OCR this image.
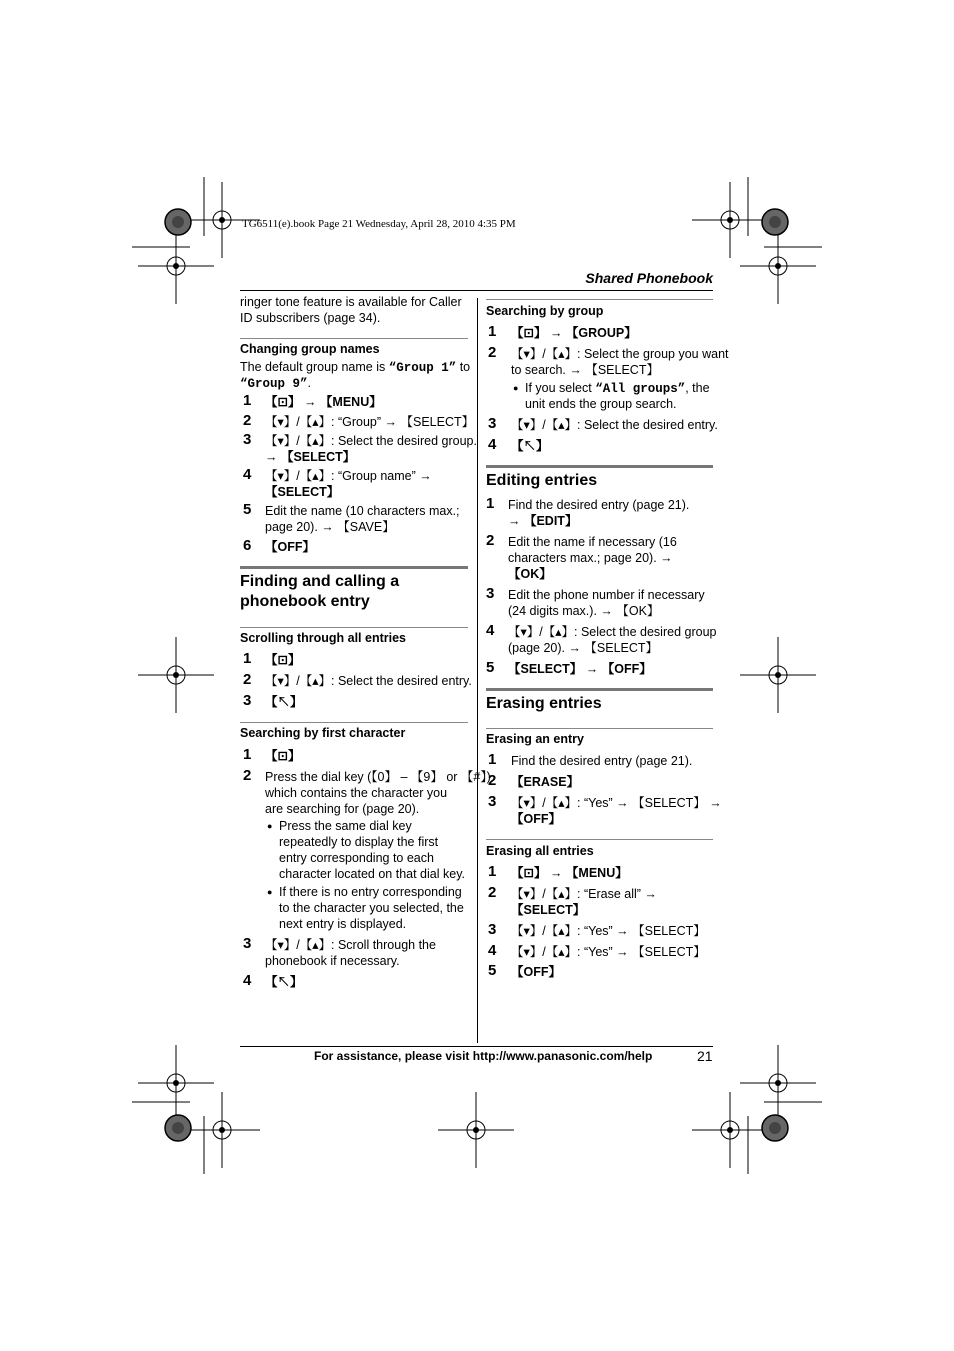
TG6511(e).book Page 21 Wednesday, April 28, 2010 4:35 PM
Shared Phonebook
ringer tone feature is available for Caller
ID subscribers (page 34).
Changing group names
The default group name is “Group 1” to
“Group 9”.
1 【⊡】 → 【MENU】
2 【▾】/【▴】: “Group” → 【SELECT】
3 【▾】/【▴】: Select the desired group.
→ 【SELECT】
4 【▾】/【▴】: “Group name” →
【SELECT】
5 Edit the name (10 characters max.;
page 20). → 【SAVE】
6 【OFF】
Finding and calling a
phonebook entry
Scrolling through all entries
1 【⊡】
2 【▾】/【▴】: Select the desired entry.
3 【↖】
Searching by first character
1 【⊡】
2 Press the dial key (【0】 – 【9】 or 【#】)
which contains the character you
are searching for (page 20).
● Press the same dial key
repeatedly to display the first
entry corresponding to each
character located on that dial key.
● If there is no entry corresponding
to the character you selected, the
next entry is displayed.
3 【▾】/【▴】: Scroll through the
phonebook if necessary.
4 【↖】
Searching by group
1 【⊡】 → 【GROUP】
2 【▾】/【▴】: Select the group you want
to search. → 【SELECT】
● If you select “All groups”, the
unit ends the group search.
3 【▾】/【▴】: Select the desired entry.
4 【↖】
Editing entries
1 Find the desired entry (page 21).
→ 【EDIT】
2 Edit the name if necessary (16
characters max.; page 20). →
【OK】
3 Edit the phone number if necessary
(24 digits max.). → 【OK】
4 【▾】/【▴】: Select the desired group
(page 20). → 【SELECT】
5 【SELECT】 → 【OFF】
Erasing entries
Erasing an entry
1 Find the desired entry (page 21).
2 【ERASE】
3 【▾】/【▴】: “Yes” → 【SELECT】 →
【OFF】
Erasing all entries
1 【⊡】 → 【MENU】
2 【▾】/【▴】: “Erase all” →
【SELECT】
3 【▾】/【▴】: “Yes” → 【SELECT】
4 【▾】/【▴】: “Yes” → 【SELECT】
5 【OFF】
For assistance, please visit http://www.panasonic.com/help	21
